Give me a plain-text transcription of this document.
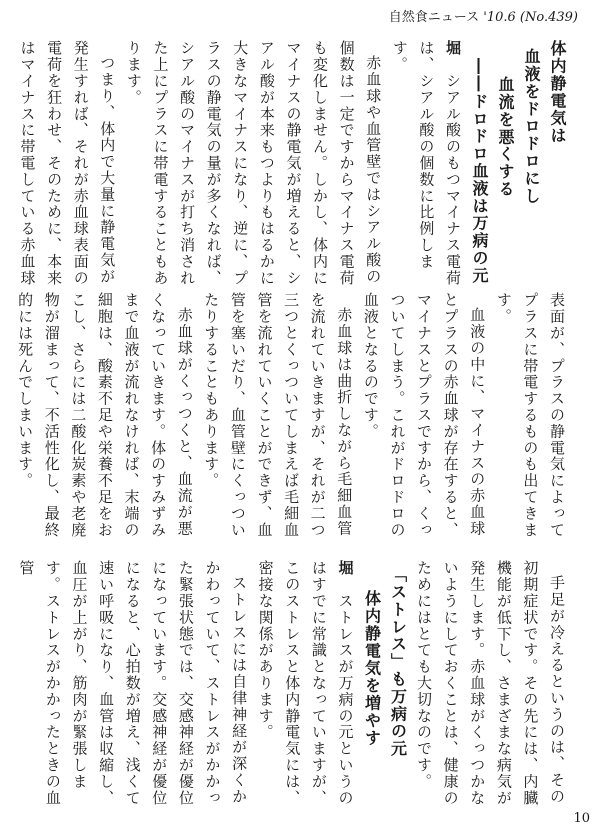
自然食ニュース '10.6 (No.439)
体内静電気は
血液をドロドロにし
血流を悪くする
――ドロドロ血液は万病の元

堀　シアル酸のもつマイナス電荷は、シアル酸の個数に比例します。

赤血球や血管壁ではシアル酸の個数は一定ですからマイナス電荷も変化しません。しかし、体内にマイナスの静電気が増えると、シアル酸が本来もつよりもはるかに大きなマイナスになり、逆に、プラスの静電気の量が多くなれば、シアル酸のマイナスが打ち消された上にプラスに帯電することもあります。

つまり、体内で大量に静電気が発生すれば、それが赤血球表面の電荷を狂わせ、そのために、本来はマイナスに帯電している赤血球

表面が、プラスの静電気によってプラスに帯電するものも出てきます。

血液の中に、マイナスの赤血球とプラスの赤血球が存在すると、マイナスとプラスですから、くっついてしまう。これがドロドロの血液となるのです。

赤血球は曲折しながら毛細血管を流れていきますが、それが二つ三つとくっついてしまえば毛細血管を流れていくことができず、血管を塞いだり、血管壁にくっついたりすることもあります。

赤血球がくっつくと、血流が悪くなっていきます。体のすみずみまで血液が流れなければ、末端の細胞は、酸素不足や栄養不足をおこし、さらには二酸化炭素や老廃物が溜まって、不活性化し、最終的には死んでしまいます。

手足が冷えるというのは、その初期症状です。その先には、内臓機能が低下し、さまざまな病気が発生します。赤血球がくっつかないようにしておくことは、健康のためにはとても大切なのです。

「ストレス」も万病の元
体内静電気を増やす

堀　ストレスが万病の元というのはすでに常識となっていますが、このストレスと体内静電気には、密接な関係があります。

ストレスには自律神経が深くかかわっていて、ストレスがかかった緊張状態では、交感神経が優位になっています。交感神経が優位になると、心拍数が増え、浅くて速い呼吸になり、血管は収縮し、血圧が上がり、筋肉が緊張します。ストレスがかかったときの血管

10
